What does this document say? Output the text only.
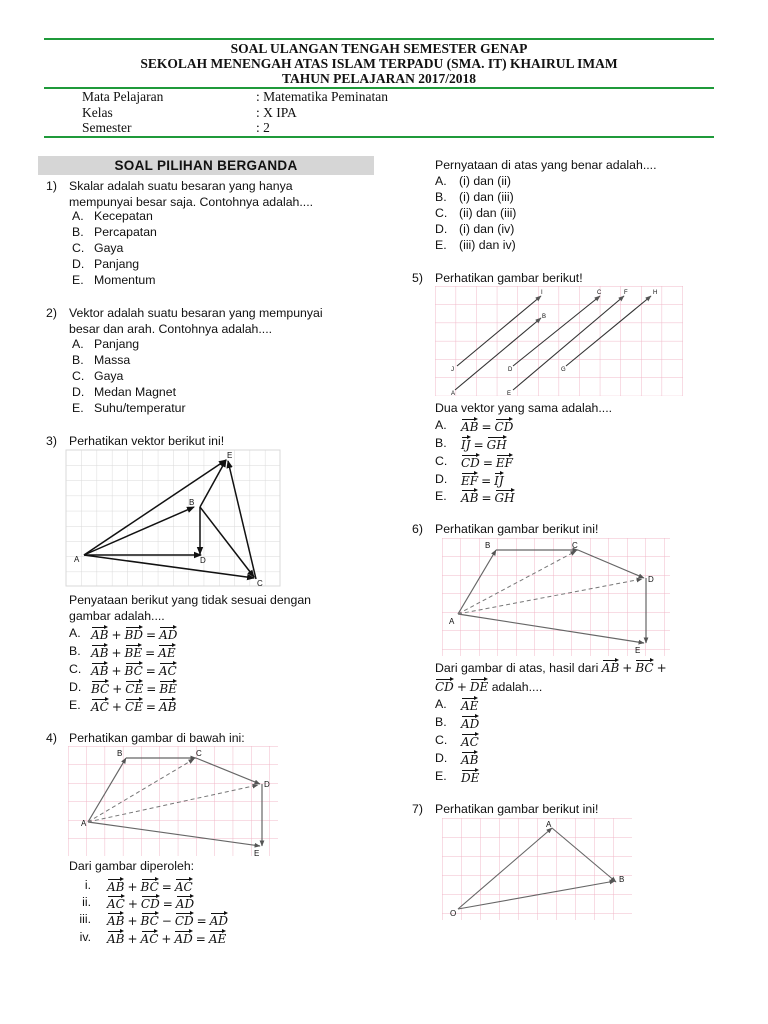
SOAL ULANGAN TENGAH SEMESTER GENAP
SEKOLAH MENENGAH ATAS ISLAM TERPADU (SMA. IT) KHAIRUL IMAM
TAHUN PELAJARAN 2017/2018
Mata Pelajaran	: Matematika Peminatan
Kelas	: X IPA
Semester	: 2
SOAL PILIHAN BERGANDA
1) Skalar adalah suatu besaran yang hanya
mempunyai besar saja. Contohnya adalah....
A. Kecepatan
B. Percapatan
C. Gaya
D. Panjang
E. Momentum
2) Vektor adalah suatu besaran yang mempunyai
besar dan arah. Contohnya adalah....
A. Panjang
B. Massa
C. Gaya
D. Medan Magnet
E. Suhu/temperatur
3) Perhatikan vektor berikut ini!
A
B
C
D
E
Penyataan berikut yang tidak sesuai dengan
gambar adalah....
A. AB + BD = AD
B. AB + BE = AE
C. AB + BC = AC
D. BC + CE = BE
E. AC + CE = AB
4) Perhatikan gambar di bawah ini:
A
B	C
D
E
Dari gambar diperoleh:
i. AB + BC = AC
ii. AC + CD = AD
iii. AB + BC − CD = AD
iv. AB + AC + AD = AE
Pernyataan di atas yang benar adalah....
A. (i) dan (ii)
B. (i) dan (iii)
C. (ii) dan (iii)
D. (i) dan (iv)
E. (iii) dan iv)
5) Perhatikan gambar berikut!
I	C	F	H
B
J	D	G
A	E
Dua vektor yang sama adalah....
A. AB = CD
B. IJ = GH
C. CD = EF
D. EF = IJ
E. AB = GH
6) Perhatikan gambar berikut ini!
A
B	C
D
E
Dari gambar di atas, hasil dari AB + BC +
CD + DE adalah....
A. AE
B. AD
C. AC
D. AB
E. DE
7) Perhatikan gambar berikut ini!
A
B
O
